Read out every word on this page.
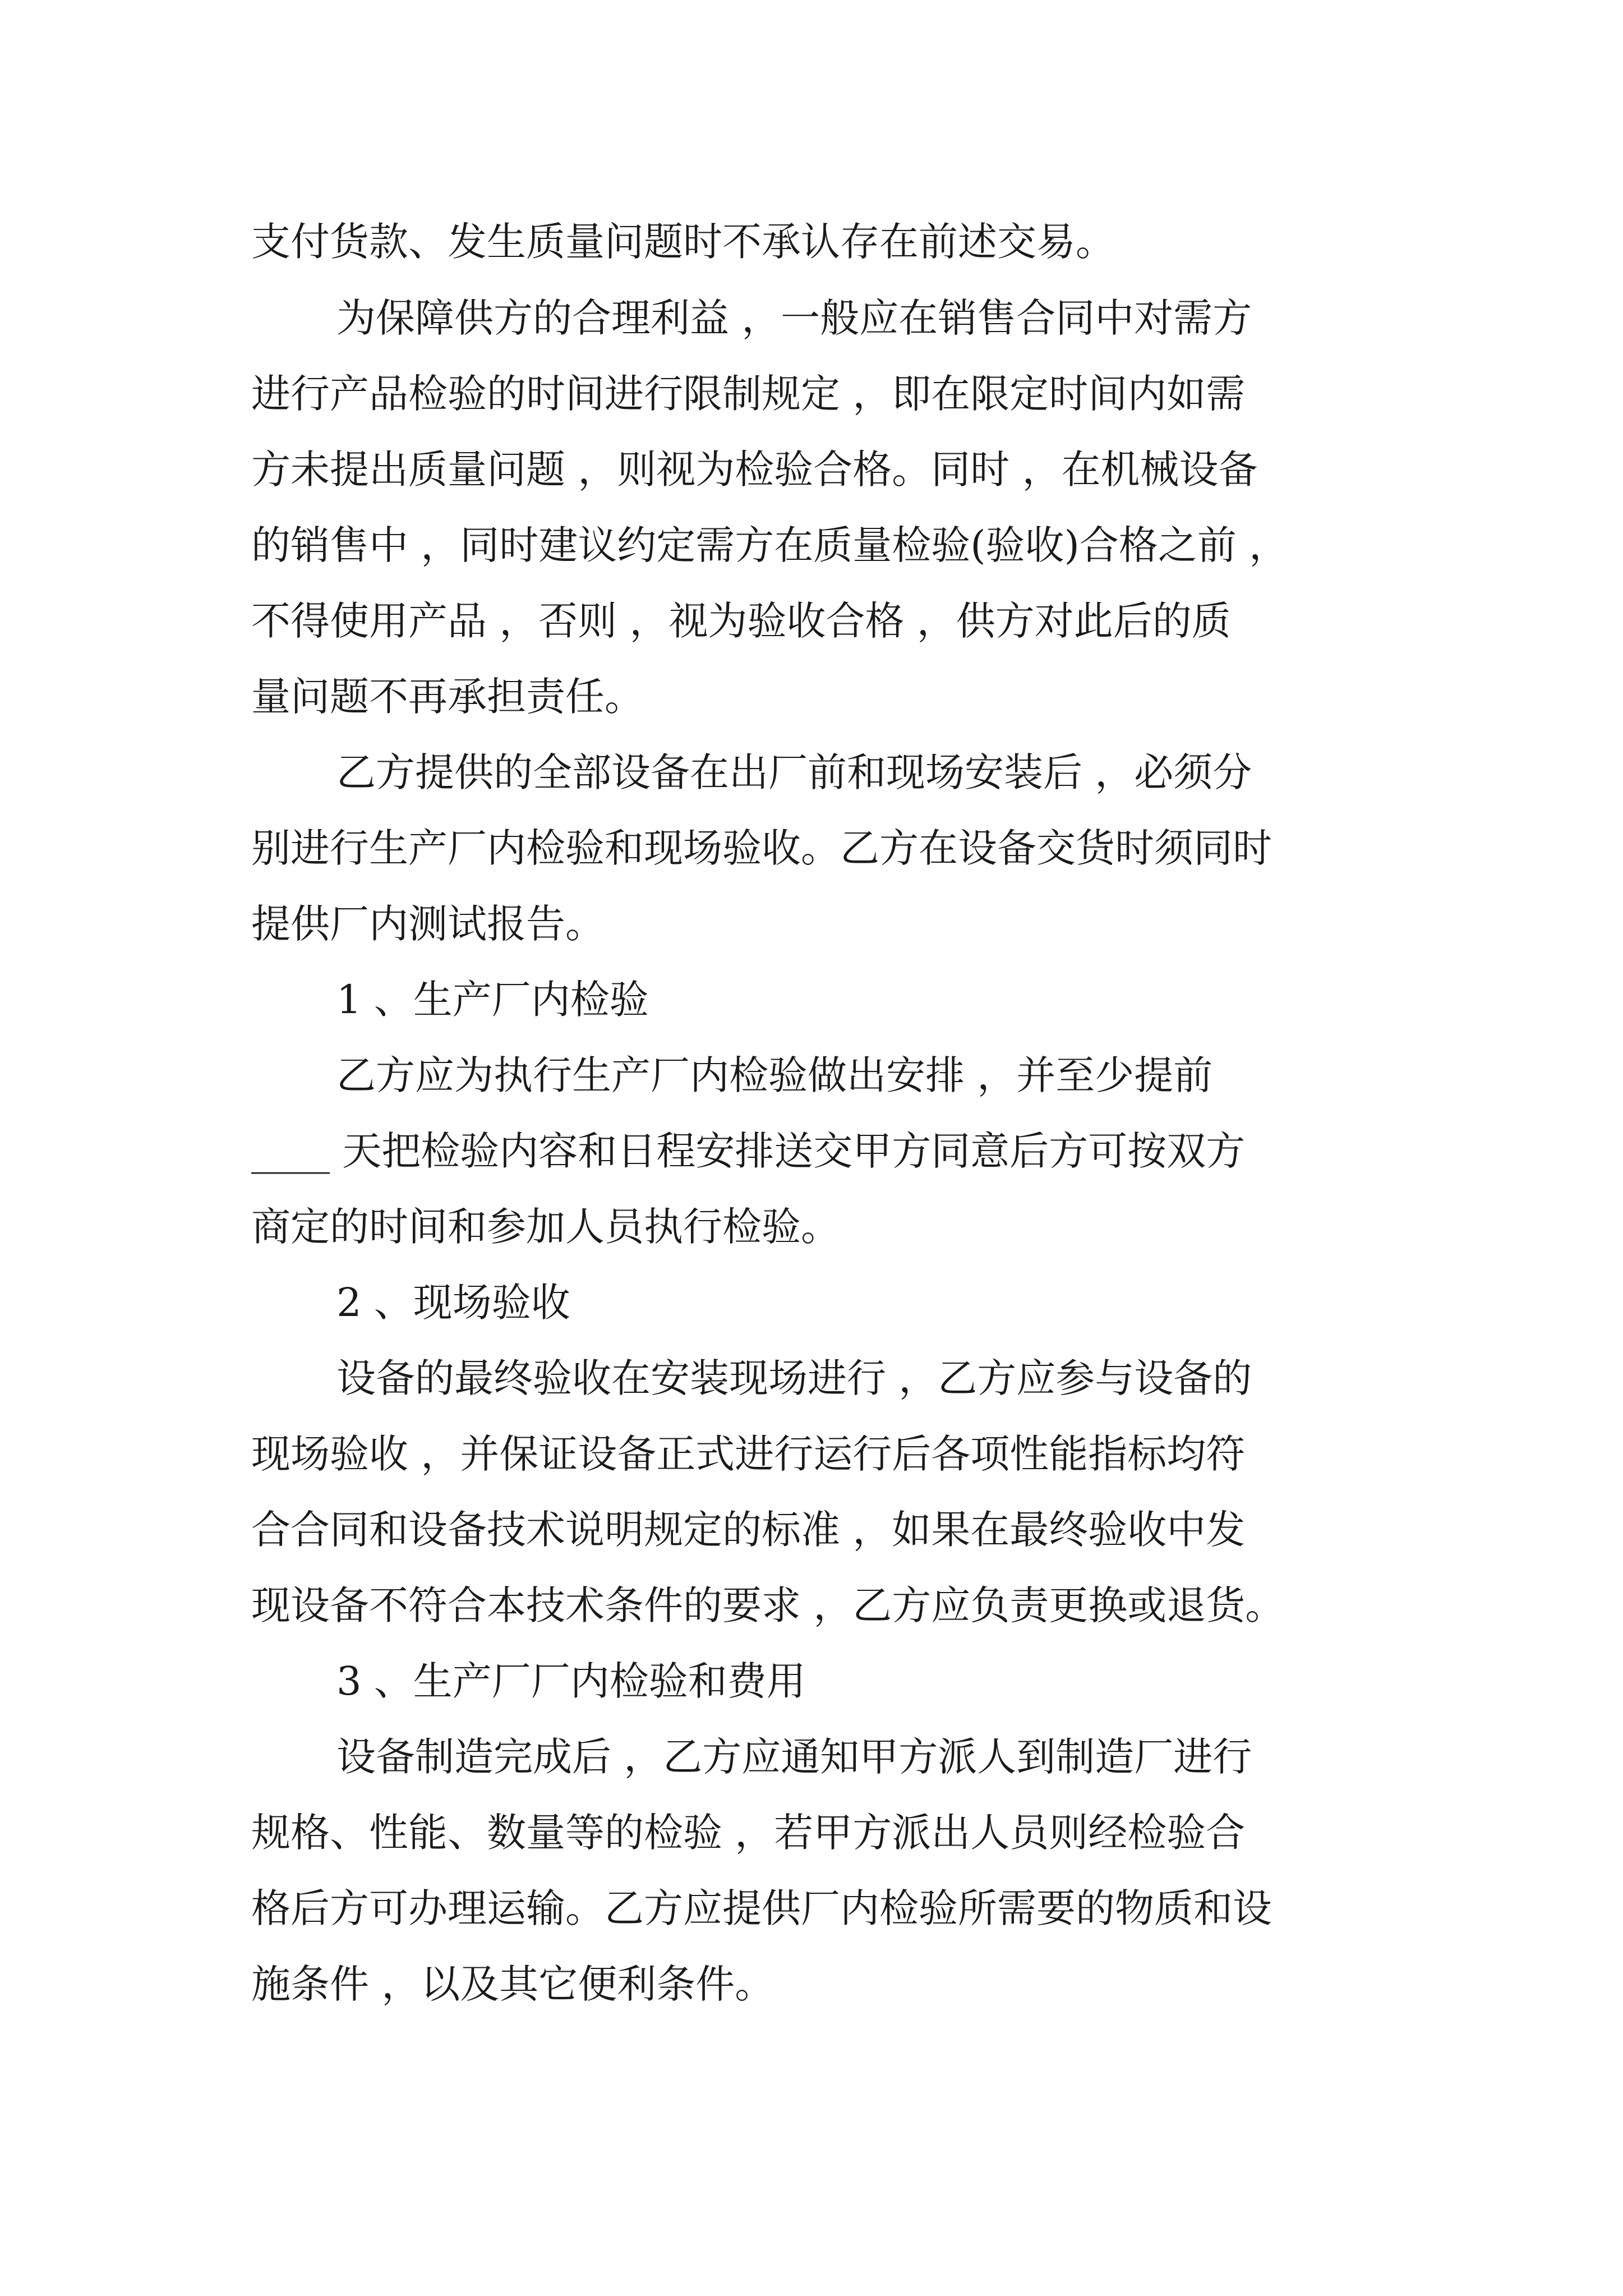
支付货款、发生质量问题时不承认存在前述交易。
为保障供方的合理利益 ，一般应在销售合同中对需方
进行产品检验的时间进行限制规定 ，即在限定时间内如需
方未提出质量问题 ，则视为检验合格。同时 ，在机械设备
的销售中 ，同时建议约定需方在质量检验(验收)合格之前 ，
不得使用产品 ，否则 ，视为验收合格 ，供方对此后的质
量问题不再承担责任。
乙方提供的全部设备在出厂前和现场安装后 ，必须分
别进行生产厂内检验和现场验收。乙方在设备交货时须同时
提供厂内测试报告。
1 、生产厂内检验
乙方应为执行生产厂内检验做出安排 ，并至少提前
____ 天把检验内容和日程安排送交甲方同意后方可按双方
商定的时间和参加人员执行检验。
2 、现场验收
设备的最终验收在安装现场进行 ，乙方应参与设备的
现场验收 ，并保证设备正式进行运行后各项性能指标均符
合合同和设备技术说明规定的标准 ，如果在最终验收中发
现设备不符合本技术条件的要求 ，乙方应负责更换或退货。
3 、生产厂厂内检验和费用
设备制造完成后 ，乙方应通知甲方派人到制造厂进行
规格、性能、数量等的检验 ，若甲方派出人员则经检验合
格后方可办理运输。乙方应提供厂内检验所需要的物质和设
施条件 ，以及其它便利条件。
